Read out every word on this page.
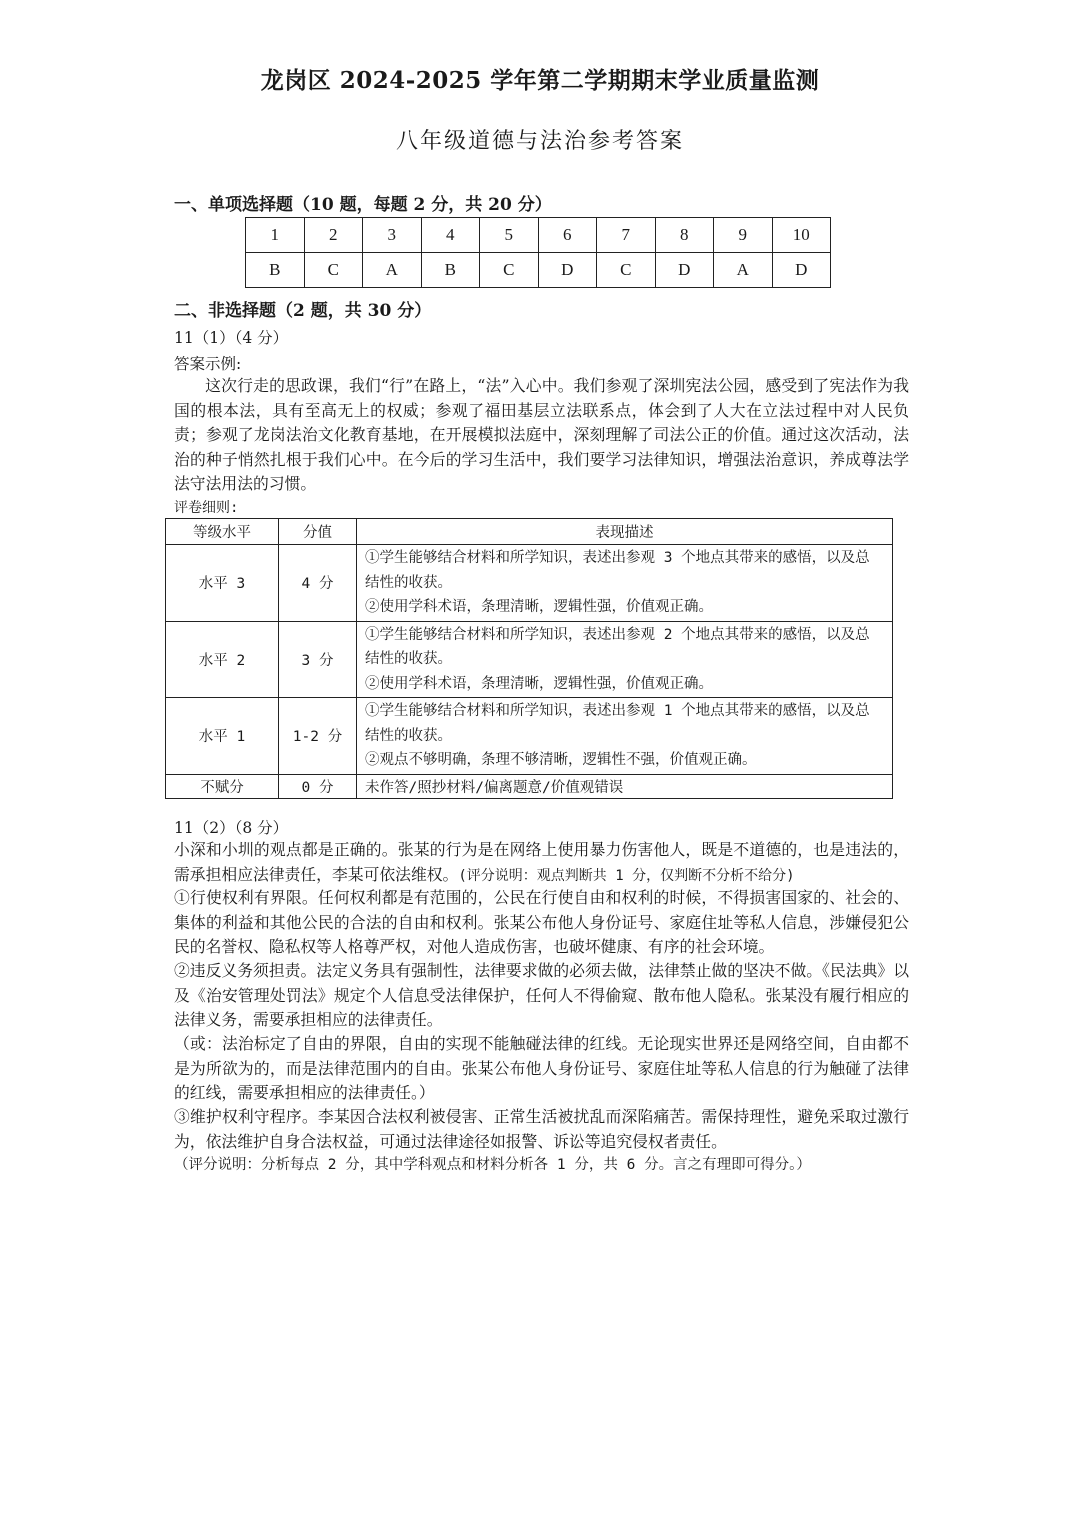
龙岗区 2024-2025 学年第二学期期末学业质量监测
八年级道德与法治参考答案
一、单项选择题（10 题，每题 2 分，共 20 分）
1	2	3	4	5	6	7	8	9	10
B	C	A	B	C	D	C	D	A	D
二、非选择题（2 题，共 30 分）
11（1）（4 分）
答案示例:
这次行走的思政课，我们“行”在路上，“法”入心中。我们参观了深圳宪法公园，感受到了宪法作为我国的根本法，具有至高无上的权威；参观了福田基层立法联系点，体会到了人大在立法过程中对人民负责；参观了龙岗法治文化教育基地，在开展模拟法庭中，深刻理解了司法公正的价值。通过这次活动，法治的种子悄然扎根于我们心中。在今后的学习生活中，我们要学习法律知识，增强法治意识，养成尊法学法守法用法的习惯。
评卷细则:
等级水平	分值	表现描述
水平 3	4 分	①学生能够结合材料和所学知识，表述出参观 3 个地点其带来的感悟，以及总结性的收获。
②使用学科术语，条理清晰，逻辑性强，价值观正确。

水平 2	3 分	①学生能够结合材料和所学知识，表述出参观 2 个地点其带来的感悟，以及总结性的收获。
②使用学科术语，条理清晰，逻辑性强，价值观正确。

水平 1	1-2 分	①学生能够结合材料和所学知识，表述出参观 1 个地点其带来的感悟，以及总结性的收获。
②观点不够明确，条理不够清晰，逻辑性不强，价值观正确。

不赋分	0 分	未作答/照抄材料/偏离题意/价值观错误
11（2）（8 分）
小深和小圳的观点都是正确的。张某的行为是在网络上使用暴力伤害他人，既是不道德的，也是违法的，需承担相应法律责任，李某可依法维权。(评分说明：观点判断共 1 分，仅判断不分析不给分)
①行使权利有界限。任何权利都是有范围的，公民在行使自由和权利的时候，不得损害国家的、社会的、集体的利益和其他公民的合法的自由和权利。张某公布他人身份证号、家庭住址等私人信息，涉嫌侵犯公民的名誉权、隐私权等人格尊严权，对他人造成伤害，也破坏健康、有序的社会环境。
②违反义务须担责。法定义务具有强制性，法律要求做的必须去做，法律禁止做的坚决不做。《民法典》以及《治安管理处罚法》规定个人信息受法律保护，任何人不得偷窥、散布他人隐私。张某没有履行相应的法律义务，需要承担相应的法律责任。
（或：法治标定了自由的界限，自由的实现不能触碰法律的红线。无论现实世界还是网络空间，自由都不是为所欲为的，而是法律范围内的自由。张某公布他人身份证号、家庭住址等私人信息的行为触碰了法律的红线，需要承担相应的法律责任。）
③维护权利守程序。李某因合法权利被侵害、正常生活被扰乱而深陷痛苦。需保持理性，避免采取过激行为，依法维护自身合法权益，可通过法律途径如报警、诉讼等追究侵权者责任。
（评分说明：分析每点 2 分，其中学科观点和材料分析各 1 分，共 6 分。言之有理即可得分。）
